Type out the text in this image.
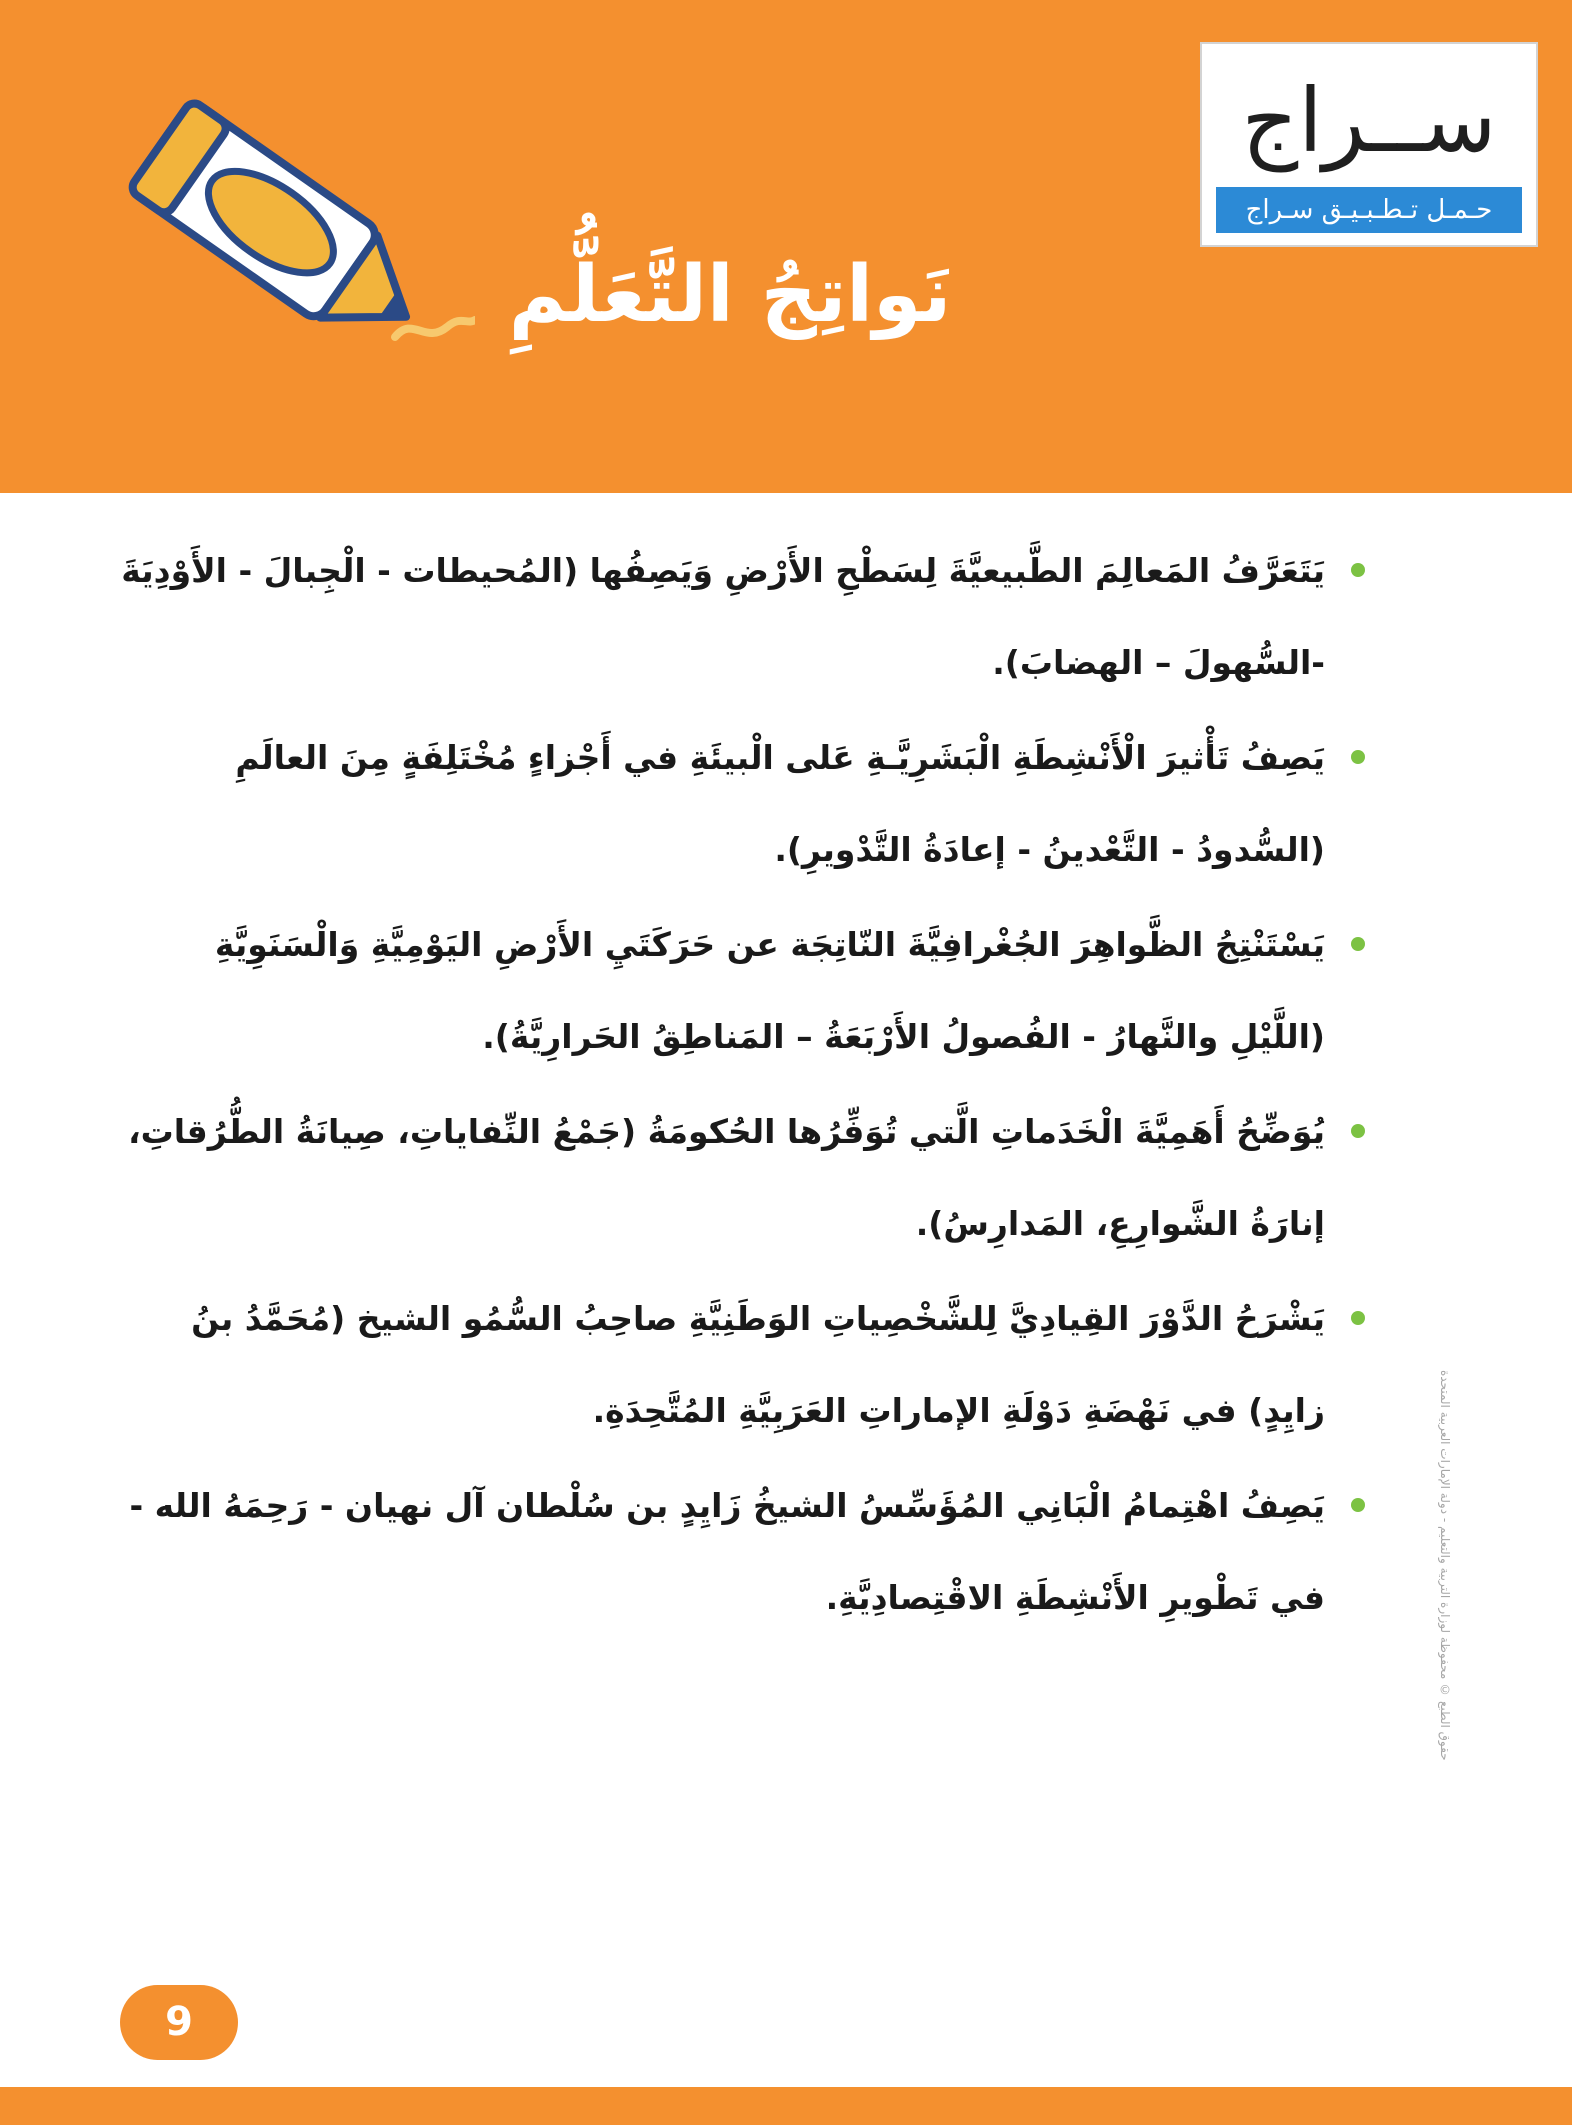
نَواتِجُ التَّعَلُّمِ
ســراج
حـمـل تـطـبـيـق سـراج
يَتَعَرَّفُ المَعالِمَ الطَّبيعيَّةَ لِسَطْحِ الأَرْضِ وَيَصِفُها (المُحيطات - الْجِبالَ - الأَوْدِيَةَ -السُّهولَ – الهضابَ).
يَصِفُ تَأْثيرَ الْأَنْشِطَةِ الْبَشَرِيَّـةِ عَلى الْبيئَةِ في أَجْزاءٍ مُخْتَلِفَةٍ مِنَ العالَمِ (السُّدودُ - التَّعْدينُ - إعادَةُ التَّدْويرِ).
يَسْتَنْتِجُ الظَّواهِرَ الجُغْرافِيَّةَ النّاتِجَة عن حَرَكَتَيِ الأَرْضِ اليَوْمِيَّةِ وَالْسَنَوِيَّةِ (اللَّيْلِ والنَّهارُ - الفُصولُ الأَرْبَعَةُ – المَناطِقُ الحَرارِيَّةُ).
يُوَضِّحُ أَهَمِيَّةَ الْخَدَماتِ الَّتي تُوَفِّرُها الحُكومَةُ (جَمْعُ النِّفاياتِ، صِيانَةُ الطُّرُقاتِ، إنارَةُ الشَّوارِعِ، المَدارِسُ).
يَشْرَحُ الدَّوْرَ القِيادِيَّ لِلشَّخْصِياتِ الوَطَنِيَّةِ صاحِبُ السُّمُو الشيخ (مُحَمَّدُ بنُ زايِدٍ) في نَهْضَةِ دَوْلَةِ الإماراتِ العَرَبِيَّةِ المُتَّحِدَةِ.
يَصِفُ اهْتِمامُ الْبَانِي المُؤَسِّسُ الشيخُ زَايِدٍ بن سُلْطان آل نهيان - رَحِمَهُ الله - في تَطْويرِ الأَنْشِطَةِ الاقْتِصادِيَّةِ.	حقوق الطبع © محفوظة لوزارة التربية والتعليم - دولة الإمارات العربية المتحدة
9
